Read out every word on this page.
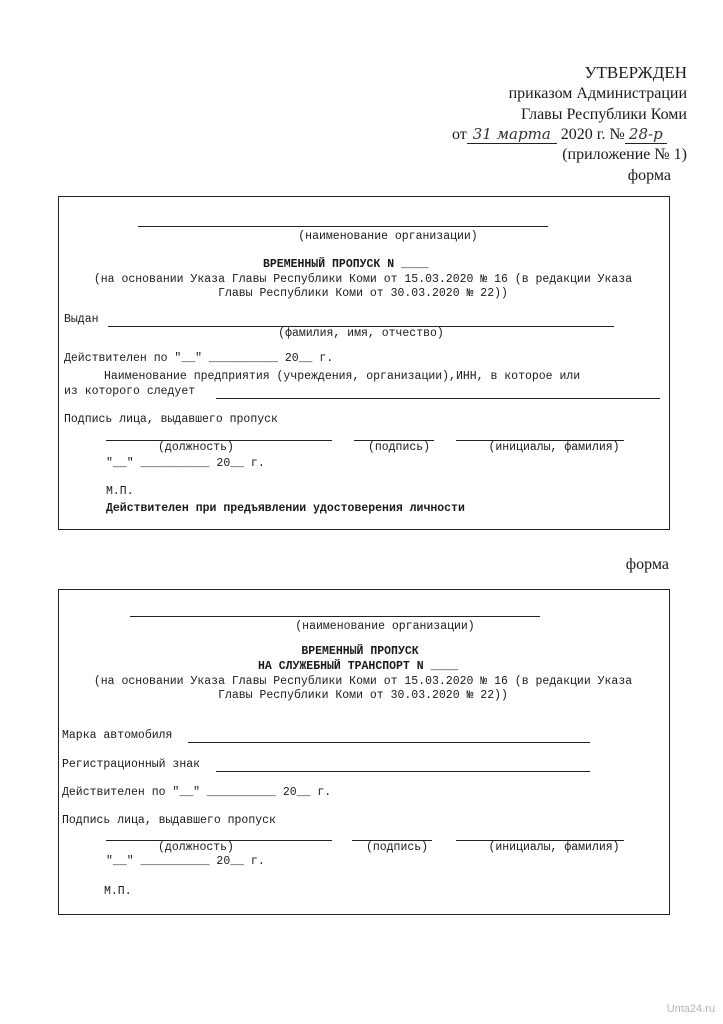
УТВЕРЖДЕН
приказом Администрации
Главы Республики Коми
от 31 марта 2020 г. № 28-р
(приложение № 1)
форма
(наименование организации)
ВРЕМЕННЫЙ ПРОПУСК N ____
(на основании Указа Главы Республики Коми от 15.03.2020 № 16 (в редакции Указа
Главы Республики Коми от 30.03.2020 № 22))
Выдан
(фамилия, имя, отчество)
Действителен по "__" __________ 20__ г.
Наименование предприятия (учреждения, организации),ИНН, в которое или
из которого следует
Подпись лица, выдавшего пропуск
(должность)	(подпись)	(инициалы, фамилия)
"__" __________ 20__ г.
М.П.
Действителен при предъявлении удостоверения личности
форма
(наименование организации)
ВРЕМЕННЫЙ ПРОПУСК
НА СЛУЖЕБНЫЙ ТРАНСПОРТ N ____
(на основании Указа Главы Республики Коми от 15.03.2020 № 16 (в редакции Указа
Главы Республики Коми от 30.03.2020 № 22))
Марка автомобиля
Регистрационный знак
Действителен по "__" __________ 20__ г.
Подпись лица, выдавшего пропуск
(должность)	(подпись)	(инициалы, фамилия)
"__" __________ 20__ г.
М.П.
Unta24.ru
